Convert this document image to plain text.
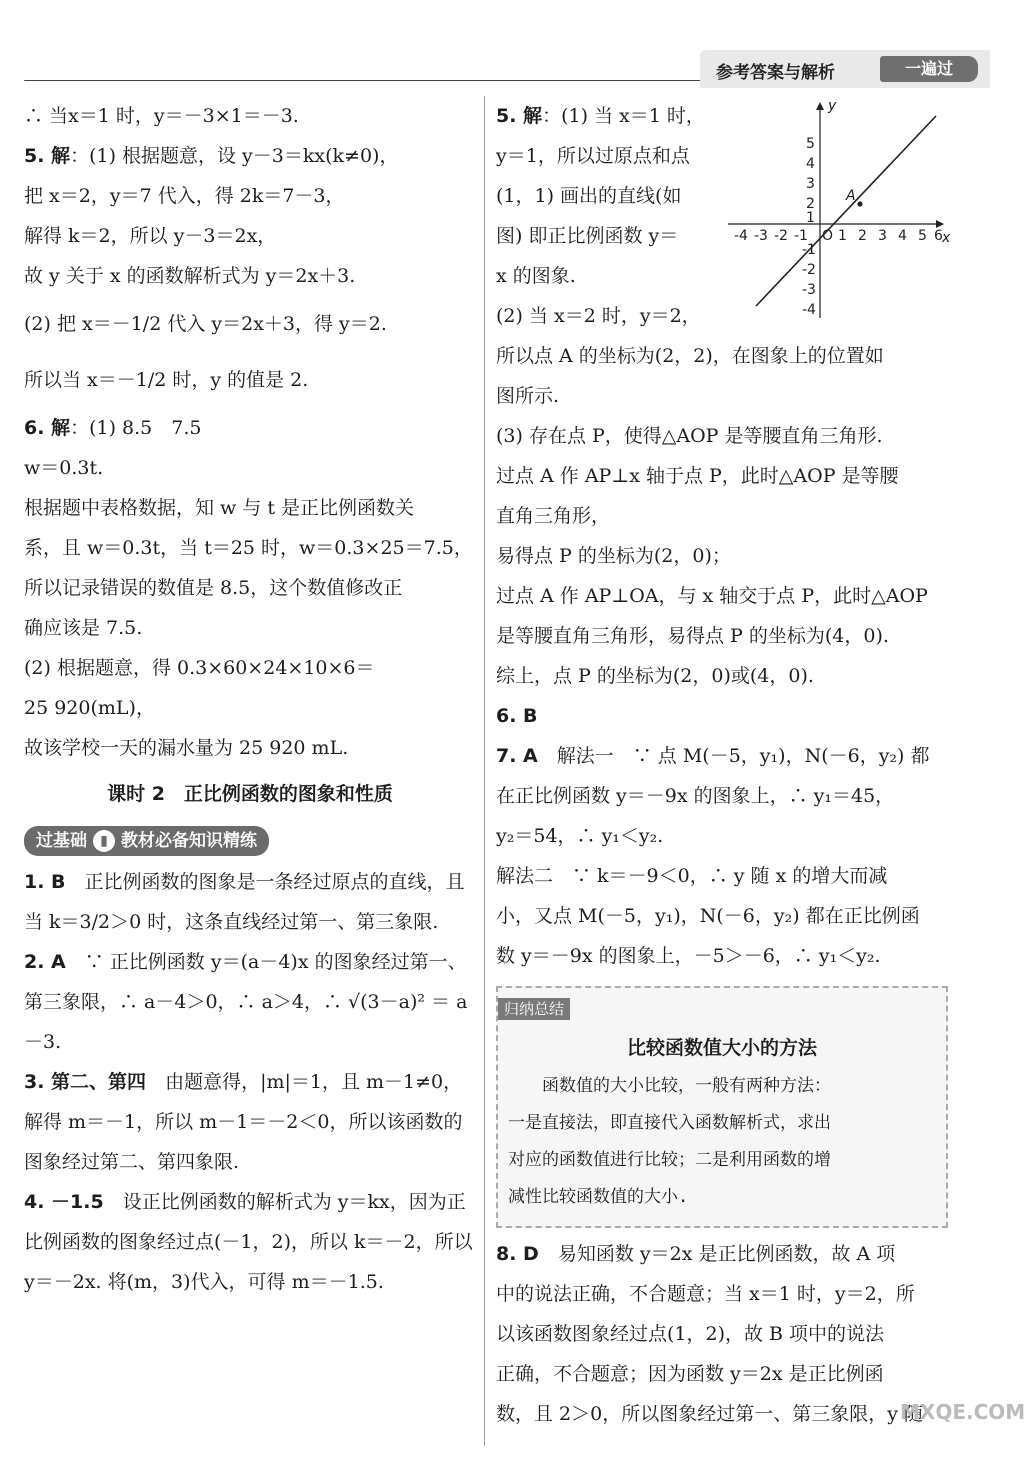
参考答案与解析	一遍过

∴ 当x＝1 时，y＝－3×1＝－3.

5. 解：(1) 根据题意，设 y－3＝kx(k≠0)，

把 x＝2，y＝7 代入，得 2k＝7－3，

解得 k＝2，所以 y－3＝2x，

故 y 关于 x 的函数解析式为 y＝2x＋3.

(2) 把 x＝－1/2 代入 y＝2x＋3，得 y＝2.

所以当 x＝－1/2 时，y 的值是 2.

6. 解：(1) 8.5　7.5

w＝0.3t.

根据题中表格数据，知 w 与 t 是正比例函数关

系，且 w＝0.3t，当 t＝25 时，w＝0.3×25＝7.5，

所以记录错误的数值是 8.5，这个数值修改正

确应该是 7.5.

(2) 根据题意，得 0.3×60×24×10×6＝

25 920(mL)，

故该学校一天的漏水量为 25 920 mL.

课时 2　正比例函数的图象和性质

过基础 ▮ 教材必备知识精练

1. B　正比例函数的图象是一条经过原点的直线，且当 k＝3/2＞0 时，这条直线经过第一、第三象限.

2. A　∵ 正比例函数 y＝(a－4)x 的图象经过第一、第三象限，∴ a－4＞0，∴ a＞4，∴ √(3－a)² ＝ a－3.

3. 第二、第四　由题意得，|m|＝1，且 m－1≠0，解得 m＝－1，所以 m－1＝－2＜0，所以该函数的图象经过第二、第四象限.

4. －1.5　设正比例函数的解析式为 y＝kx，因为正比例函数的图象经过点(－1，2)，所以 k＝－2，所以 y＝－2x. 将(m，3)代入，可得 m＝－1.5.

5. 解：(1) 当 x＝1 时，

y＝1，所以过原点和点

(1，1) 画出的直线(如

图) 即正比例函数 y＝

x 的图象.

(2) 当 x＝2 时，y＝2，

x
y
O
A
-4 -3 -2 -1 1 2 3 4 5 6
5
4
3
2
1
-1
-2
-3
-4

所以点 A 的坐标为(2，2)，在图象上的位置如

图所示.

(3) 存在点 P，使得△AOP 是等腰直角三角形.

过点 A 作 AP⊥x 轴于点 P，此时△AOP 是等腰

直角三角形，

易得点 P 的坐标为(2，0)；

过点 A 作 AP⊥OA，与 x 轴交于点 P，此时△AOP

是等腰直角三角形，易得点 P 的坐标为(4，0).

综上，点 P 的坐标为(2，0)或(4，0).

6. B

7. A　解法一　∵ 点 M(－5，y₁)，N(－6，y₂) 都

在正比例函数 y＝－9x 的图象上，∴ y₁＝45，

y₂＝54，∴ y₁＜y₂.

解法二　∵ k＝－9＜0，∴ y 随 x 的增大而减

小，又点 M(－5，y₁)，N(－6，y₂) 都在正比例函

数 y＝－9x 的图象上，－5＞－6，∴ y₁＜y₂.

归纳总结
比较函数值大小的方法

　　函数值的大小比较，一般有两种方法：

一是直接法，即直接代入函数解析式，求出

对应的函数值进行比较；二是利用函数的增

减性比较函数值的大小.

8. D　易知函数 y＝2x 是正比例函数，故 A 项

中的说法正确，不合题意；当 x＝1 时，y＝2，所

以该函数图象经过点(1，2)，故 B 项中的说法

正确，不合题意；因为函数 y＝2x 是正比例函

数，且 2＞0，所以图象经过第一、第三象限，y 随

MXQE.COM
